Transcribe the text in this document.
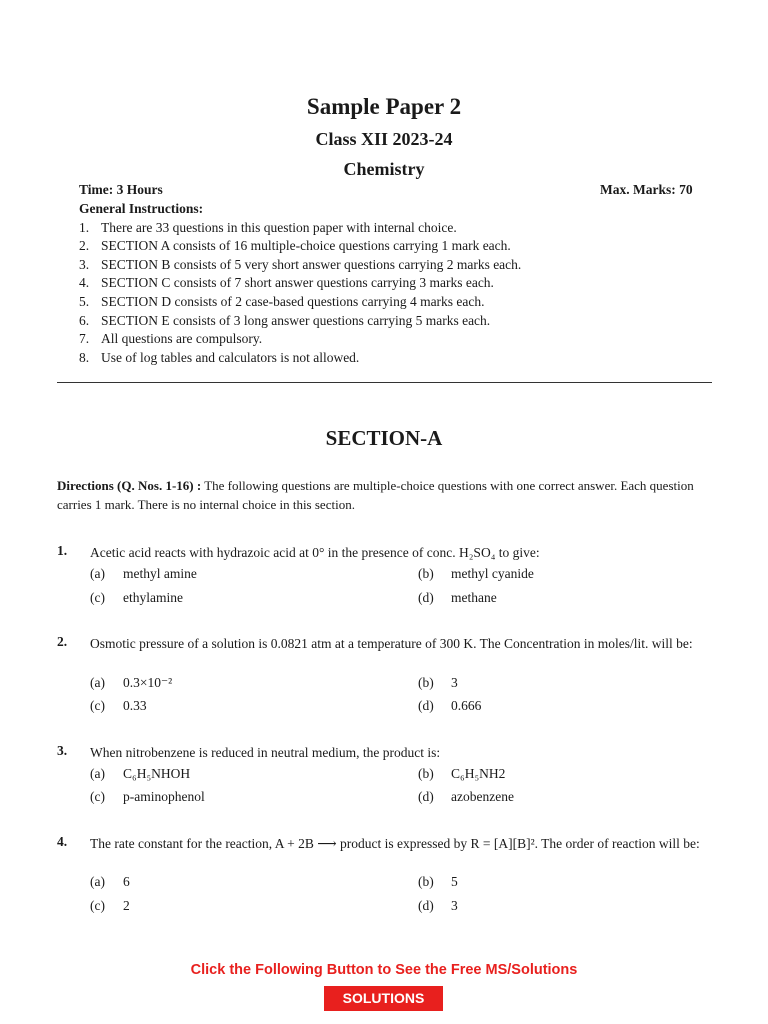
Sample Paper 2
Class XII 2023-24
Chemistry
Time: 3 Hours	Max. Marks: 70
General Instructions:
1. There are 33 questions in this question paper with internal choice.
2. SECTION A consists of 16 multiple-choice questions carrying 1 mark each.
3. SECTION B consists of 5 very short answer questions carrying 2 marks each.
4. SECTION C consists of 7 short answer questions carrying 3 marks each.
5. SECTION D consists of 2 case-based questions carrying 4 marks each.
6. SECTION E consists of 3 long answer questions carrying 5 marks each.
7. All questions are compulsory.
8. Use of log tables and calculators is not allowed.
SECTION-A
Directions (Q. Nos. 1-16) : The following questions are multiple-choice questions with one correct answer. Each question carries 1 mark. There is no internal choice in this section.
1. Acetic acid reacts with hydrazoic acid at 0° in the presence of conc. H₂SO₄ to give:
(a) methyl amine	(b) methyl cyanide
(c) ethylamine	(d) methane
2. Osmotic pressure of a solution is 0.0821 atm at a temperature of 300 K. The Concentration in moles/lit. will be:
(a) 0.3×10⁻²	(b) 3
(c) 0.33	(d) 0.666
3. When nitrobenzene is reduced in neutral medium, the product is:
(a) C₆H₅NHOH	(b) C₆H₅NH2
(c) p-aminophenol	(d) azobenzene
4. The rate constant for the reaction, A + 2B ⟶ product is expressed by R = [A][B]². The order of reaction will be:
(a) 6	(b) 5
(c) 2	(d) 3
Click the Following Button to See the Free MS/Solutions
SOLUTIONS
